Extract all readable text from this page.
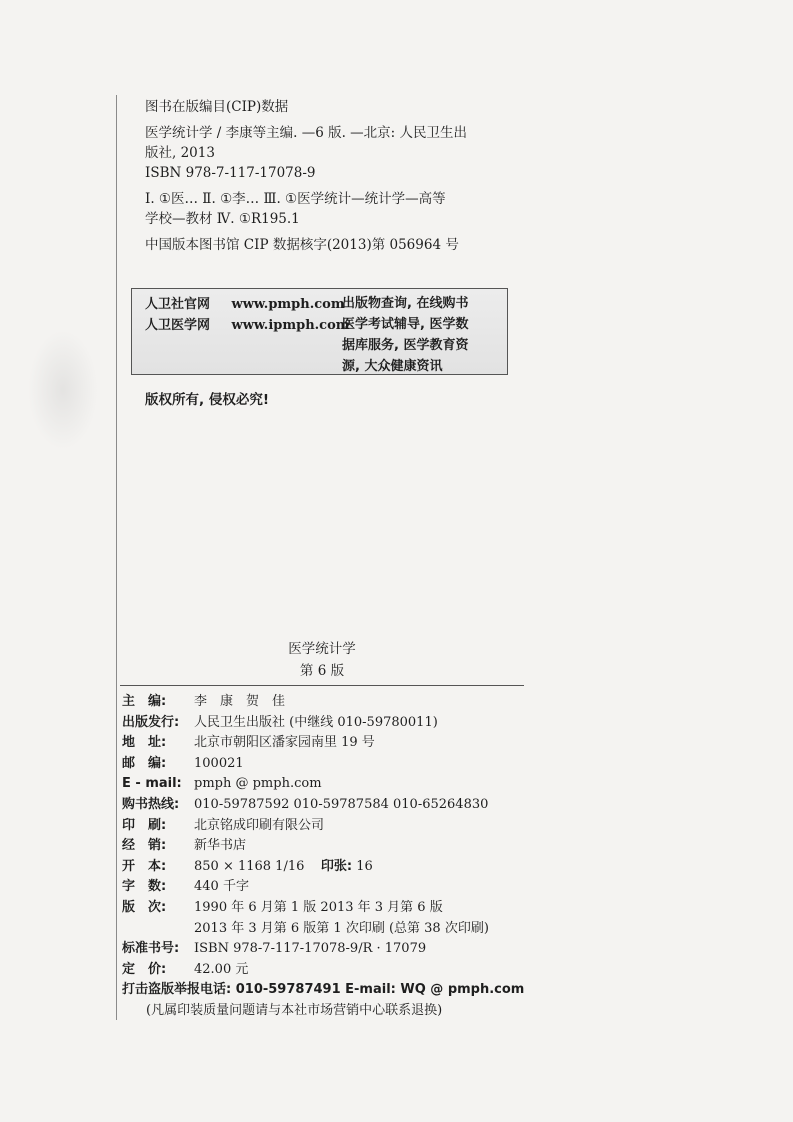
图书在版编目(CIP)数据

医学统计学 / 李康等主编. —6 版. —北京: 人民卫生出

版社, 2013

ISBN 978-7-117-17078-9

Ⅰ. ①医… Ⅱ. ①李… Ⅲ. ①医学统计—统计学—高等

学校—教材 Ⅳ. ①R195.1

中国版本图书馆 CIP 数据核字(2013)第 056964 号

人卫社官网 www.pmph.com
人卫医学网 www.ipmph.com
出版物查询, 在线购书
医学考试辅导, 医学数
据库服务, 医学教育资
源, 大众健康资讯
版权所有, 侵权必究!
医学统计学
第 6 版
主　编: 李　康　贺　佳
出版发行: 人民卫生出版社 (中继线 010-59780011)
地　址: 北京市朝阳区潘家园南里 19 号
邮　编: 100021
E - mail: pmph @ pmph.com
购书热线: 010-59787592 010-59787584 010-65264830
印　刷: 北京铭成印刷有限公司
经　销: 新华书店
开　本: 850 × 1168 1/16 印张: 16
字　数: 440 千字
版　次: 1990 年 6 月第 1 版 2013 年 3 月第 6 版
2013 年 3 月第 6 版第 1 次印刷 (总第 38 次印刷)
标准书号: ISBN 978-7-117-17078-9/R · 17079
定　价: 42.00 元
打击盗版举报电话: 010-59787491 E-mail: WQ @ pmph.com
(凡属印装质量问题请与本社市场营销中心联系退换)
